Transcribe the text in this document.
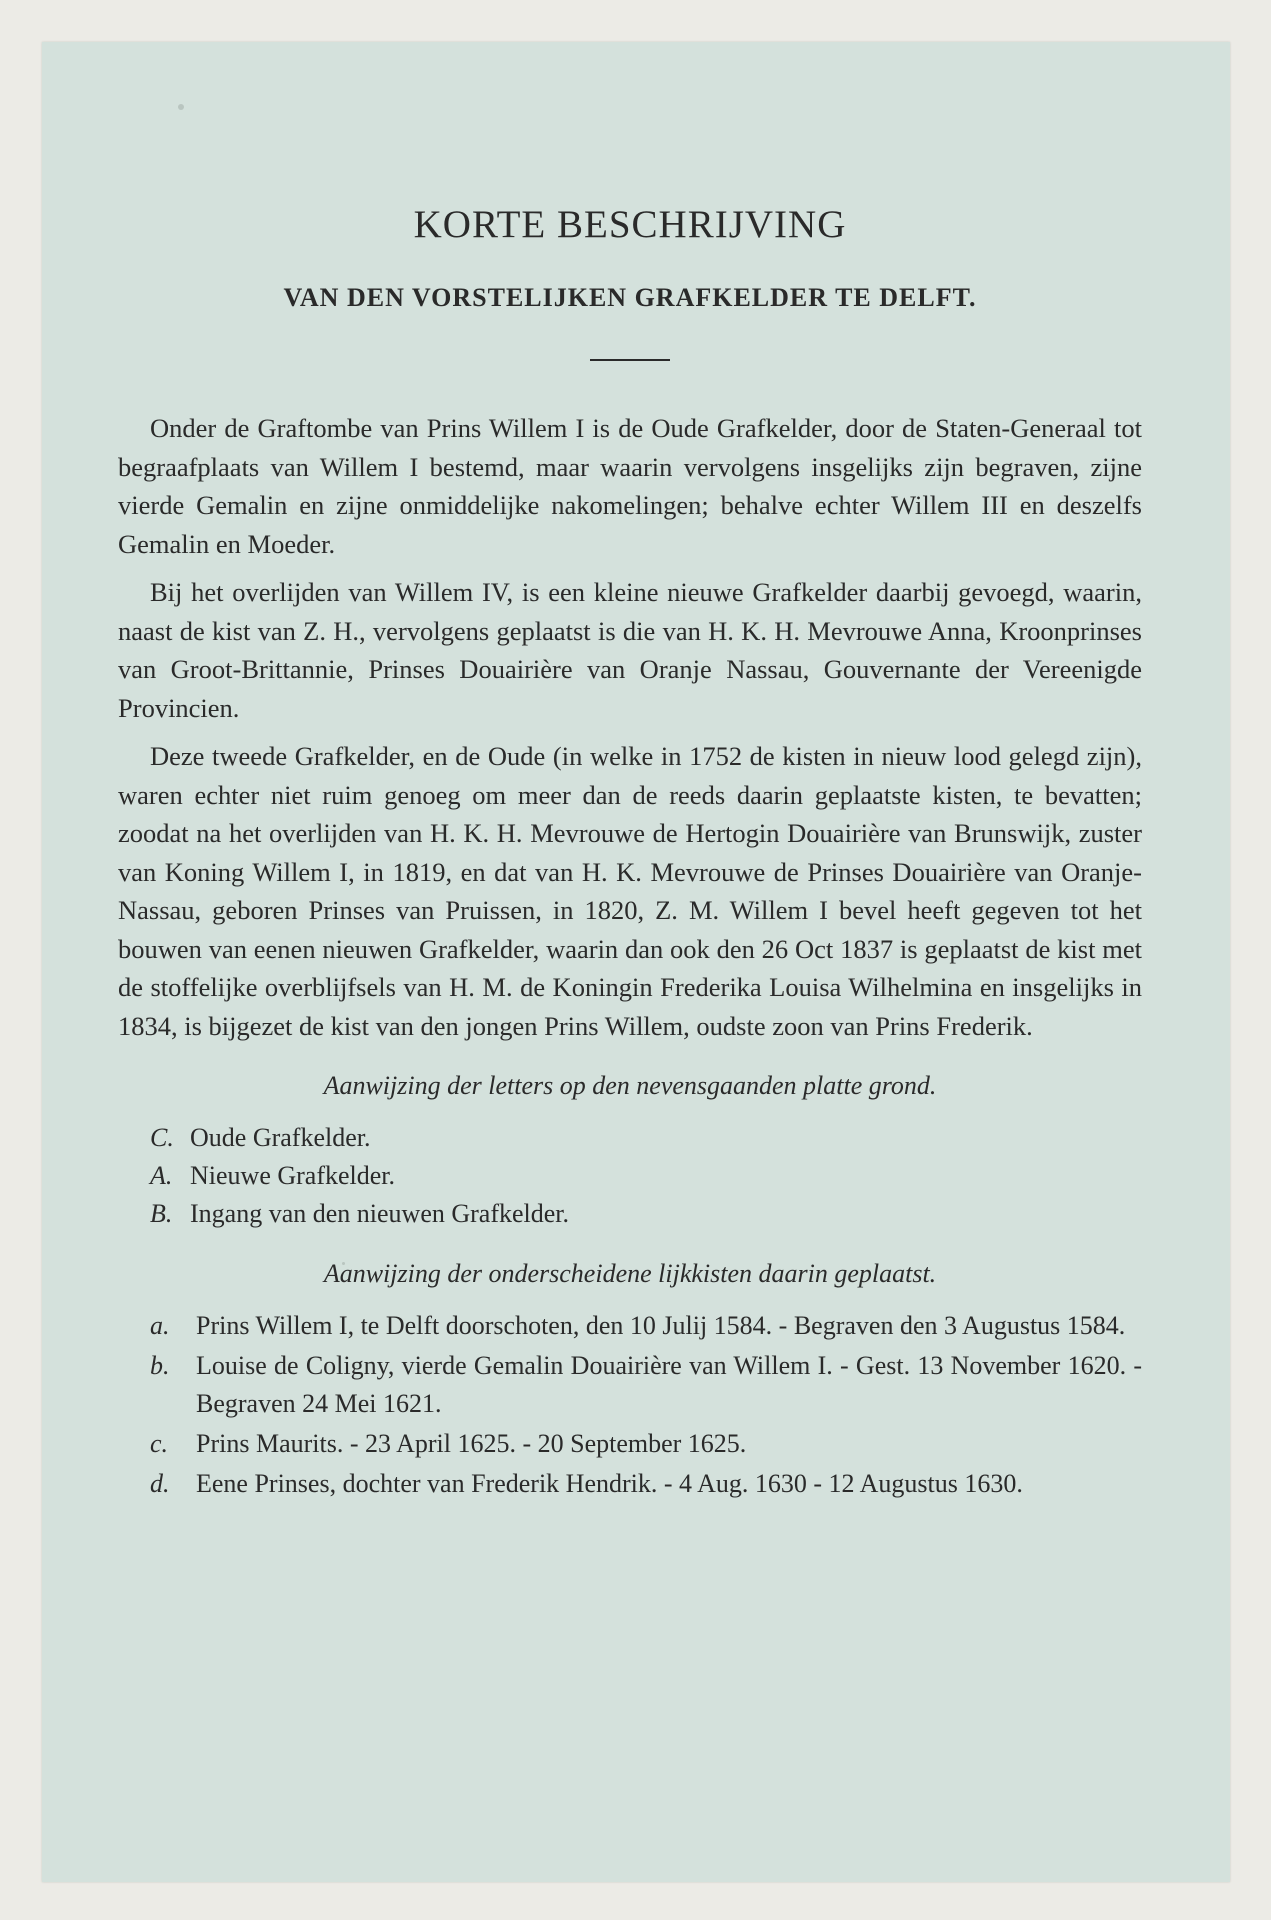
KORTE BESCHRIJVING
VAN DEN VORSTELIJKEN GRAFKELDER TE DELFT.

Onder de Graftombe van Prins Willem I is de Oude Grafkelder, door de Staten-Generaal tot begraafplaats van Willem I bestemd, maar waarin vervolgens insgelijks zijn begraven, zijne vierde Gemalin en zijne onmiddelijke nakomelingen; behalve echter Willem III en deszelfs Gemalin en Moeder.

Bij het overlijden van Willem IV, is een kleine nieuwe Grafkelder daarbij gevoegd, waarin, naast de kist van Z. H., vervolgens geplaatst is die van H. K. H. Mevrouwe Anna, Kroonprinses van Groot-Brittannie, Prinses Douairière van Oranje Nassau, Gouvernante der Vereenigde Provincien.

Deze tweede Grafkelder, en de Oude (in welke in 1752 de kisten in nieuw lood gelegd zijn), waren echter niet ruim genoeg om meer dan de reeds daarin geplaatste kisten, te bevatten; zoodat na het overlijden van H. K. H. Mevrouwe de Hertogin Douairière van Brunswijk, zuster van Koning Willem I, in 1819, en dat van H. K. Mevrouwe de Prinses Douairière van Oranje-Nassau, geboren Prinses van Pruissen, in 1820, Z. M. Willem I bevel heeft gegeven tot het bouwen van eenen nieuwen Grafkelder, waarin dan ook den 26 Oct 1837 is geplaatst de kist met de stoffelijke overblijfsels van H. M. de Koningin Frederika Louisa Wilhelmina en insgelijks in 1834, is bijgezet de kist van den jongen Prins Willem, oudste zoon van Prins Frederik.

Aanwijzing der letters op den nevensgaanden platte grond.
C. Oude Grafkelder.
A. Nieuwe Grafkelder.
B. Ingang van den nieuwen Grafkelder.
Aanwijzing der onderscheidene lijkkisten daarin geplaatst.
a.	Prins Willem I, te Delft doorschoten, den 10 Julij 1584. - Begraven den 3 Augustus 1584.
b.	Louise de Coligny, vierde Gemalin Douairière van Willem I. - Gest. 13 November 1620. - Begraven 24 Mei 1621.
c.	Prins Maurits. - 23 April 1625. - 20 September 1625.
d.	Eene Prinses, dochter van Frederik Hendrik. - 4 Aug. 1630 - 12 Augustus 1630.
